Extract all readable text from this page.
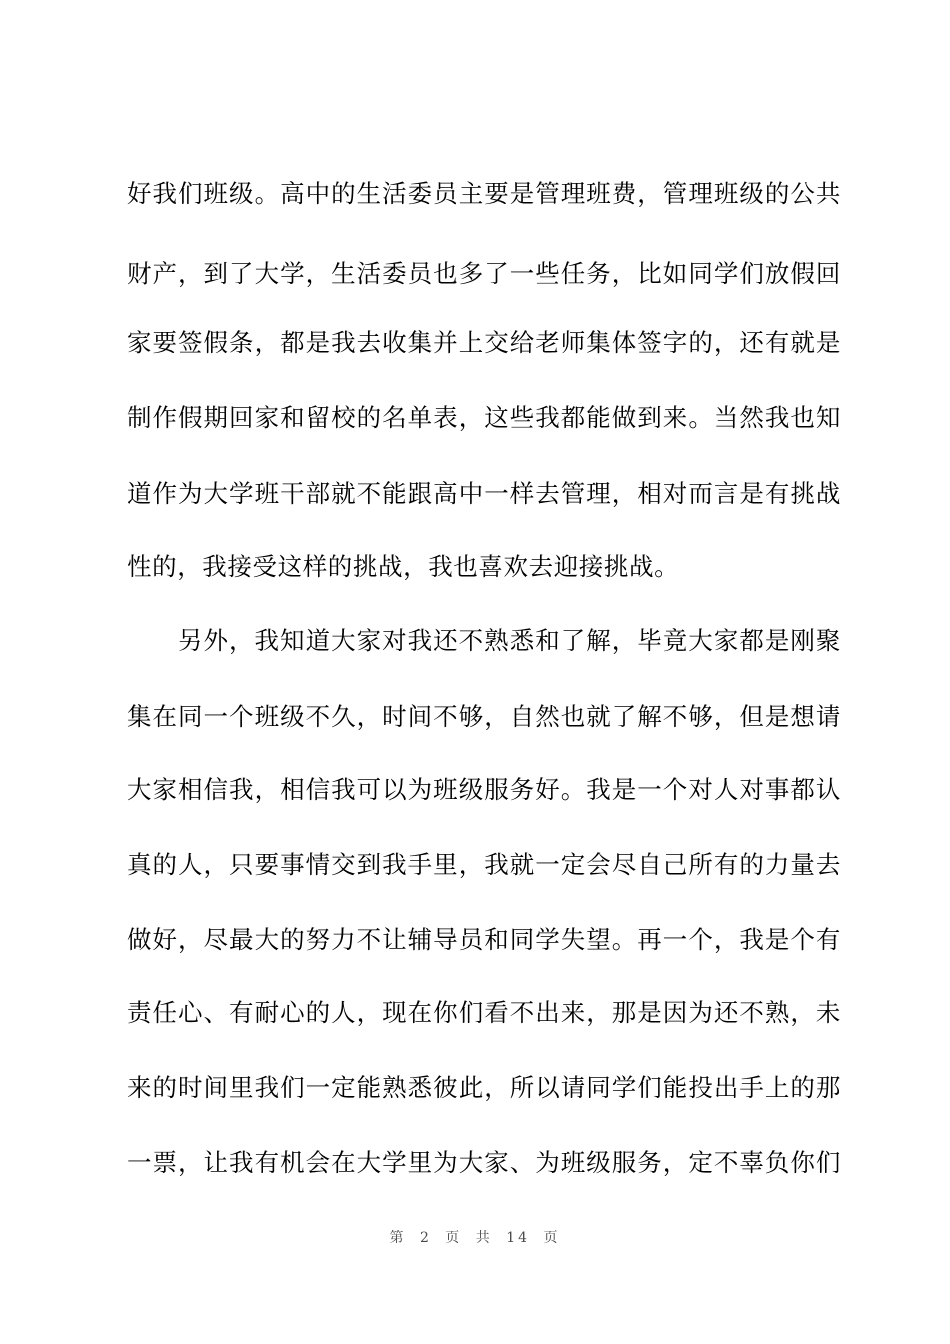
好我们班级。高中的生活委员主要是管理班费，管理班级的公共
财产，到了大学，生活委员也多了一些任务，比如同学们放假回
家要签假条，都是我去收集并上交给老师集体签字的，还有就是
制作假期回家和留校的名单表，这些我都能做到来。当然我也知
道作为大学班干部就不能跟高中一样去管理，相对而言是有挑战
性的，我接受这样的挑战，我也喜欢去迎接挑战。
另外，我知道大家对我还不熟悉和了解，毕竟大家都是刚聚
集在同一个班级不久，时间不够，自然也就了解不够，但是想请
大家相信我，相信我可以为班级服务好。我是一个对人对事都认
真的人，只要事情交到我手里，我就一定会尽自己所有的力量去
做好，尽最大的努力不让辅导员和同学失望。再一个，我是个有
责任心、有耐心的人，现在你们看不出来，那是因为还不熟，未
来的时间里我们一定能熟悉彼此，所以请同学们能投出手上的那
一票，让我有机会在大学里为大家、为班级服务，定不辜负你们
第 2 页 共 14 页
